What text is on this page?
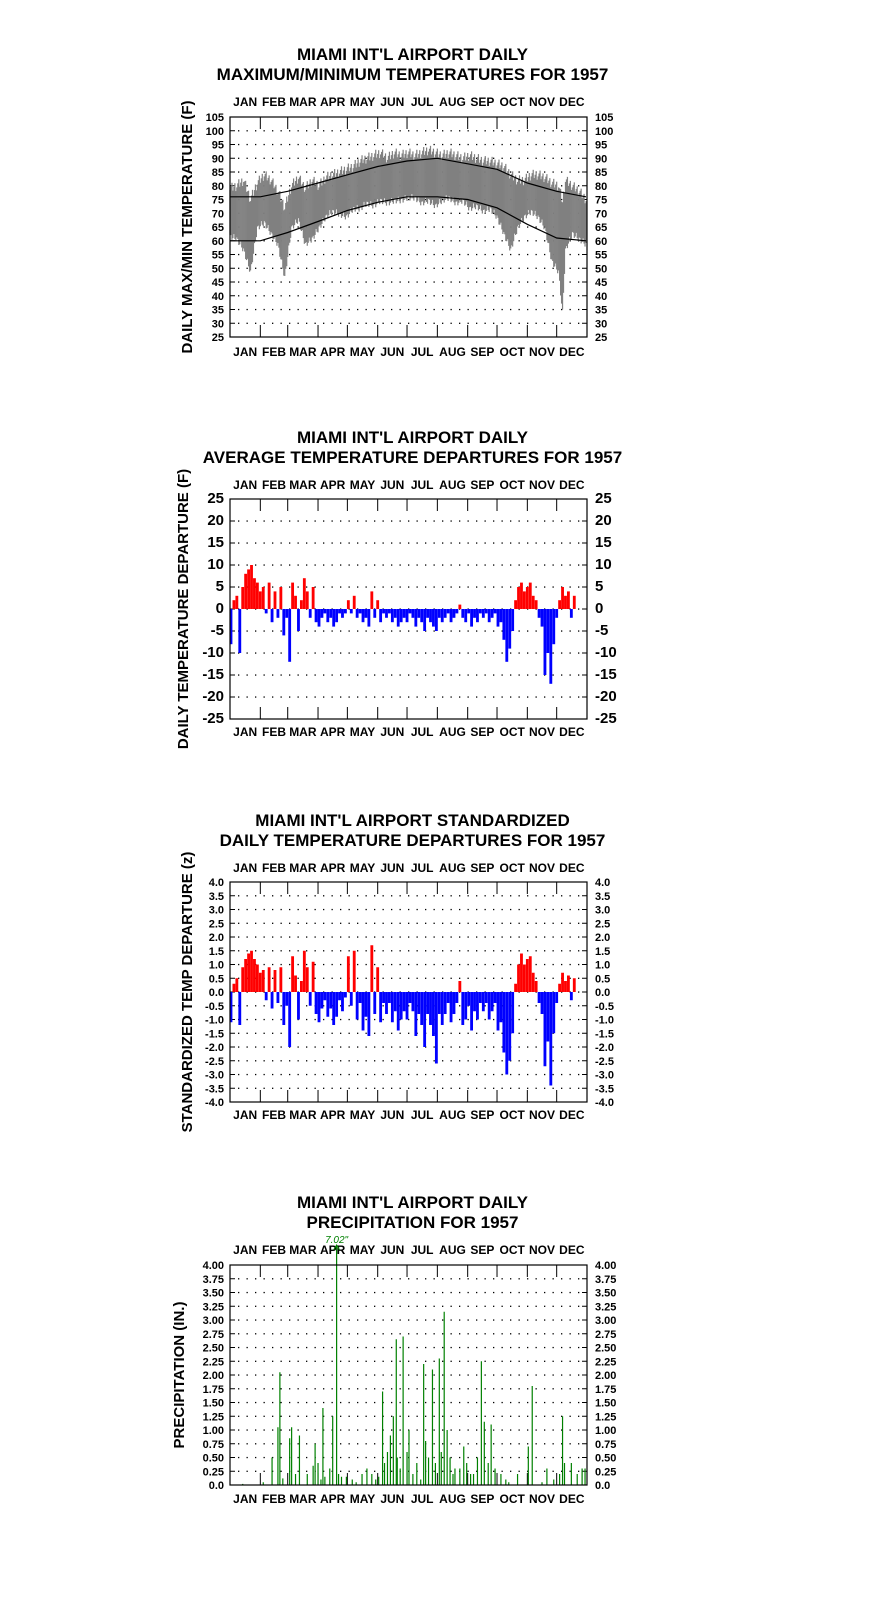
MIAMI INT'L AIRPORT DAILY
MAXIMUM/MINIMUM TEMPERATURES FOR 1957
DAILY MAX/MIN TEMPERATURE (F)	JAN
JAN
FEB
FEB
MAR
MAR
APR
APR
MAY
MAY
JUN
JUN
JUL
JUL
AUG
AUG
SEP
SEP
OCT
OCT
NOV
NOV
DEC
DEC
105	105
100	100
95	95
90	90
85	85
80	80
75	75
70	70
65	65
60	60
55	55
50	50
45	45
40	40
35	35
30	30
25	25
MIAMI INT'L AIRPORT DAILY
AVERAGE TEMPERATURE DEPARTURES FOR 1957
DAILY TEMPERATURE DEPARTURE (F)	JAN
JAN
FEB
FEB
MAR
MAR
APR
APR
MAY
MAY
JUN
JUN
JUL
JUL
AUG
AUG
SEP
SEP
OCT
OCT
NOV
NOV
DEC
DEC
25	25
20	20
15	15
10	10
5	5
0	0
-5	-5
-10	-10
-15	-15
-20	-20
-25	-25
MIAMI INT'L AIRPORT STANDARDIZED
DAILY TEMPERATURE DEPARTURES FOR 1957
STANDARDIZED TEMP DEPARTURE (z)	JAN
JAN
FEB
FEB
MAR
MAR
APR
APR
MAY
MAY
JUN
JUN
JUL
JUL
AUG
AUG
SEP
SEP
OCT
OCT
NOV
NOV
DEC
DEC
4.0	4.0
3.5	3.5
3.0	3.0
2.5	2.5
2.0	2.0
1.5	1.5
1.0	1.0
0.5	0.5
0.0	0.0
-0.5	-0.5
-1.0	-1.0
-1.5	-1.5
-2.0	-2.0
-2.5	-2.5
-3.0	-3.0
-3.5	-3.5
-4.0	-4.0
MIAMI INT'L AIRPORT DAILY
PRECIPITATION FOR 1957
PRECIPITATION (IN.)
JAN
JAN
FEB
FEB
MAR
MAR
APR
APR
MAY
MAY
JUN
JUN
JUL
JUL
AUG
AUG
SEP
SEP
OCT
OCT
NOV
NOV
DEC
DEC
4.00	4.00
3.75	3.75
3.50	3.50
3.25	3.25
3.00	3.00
2.75	2.75
2.50	2.50
2.25	2.25
2.00	2.00
1.75	1.75
1.50	1.50
1.25	1.25
1.00	1.00
0.75	0.75
0.50	0.50
0.25	0.25
0.0	0.0
7.02"
